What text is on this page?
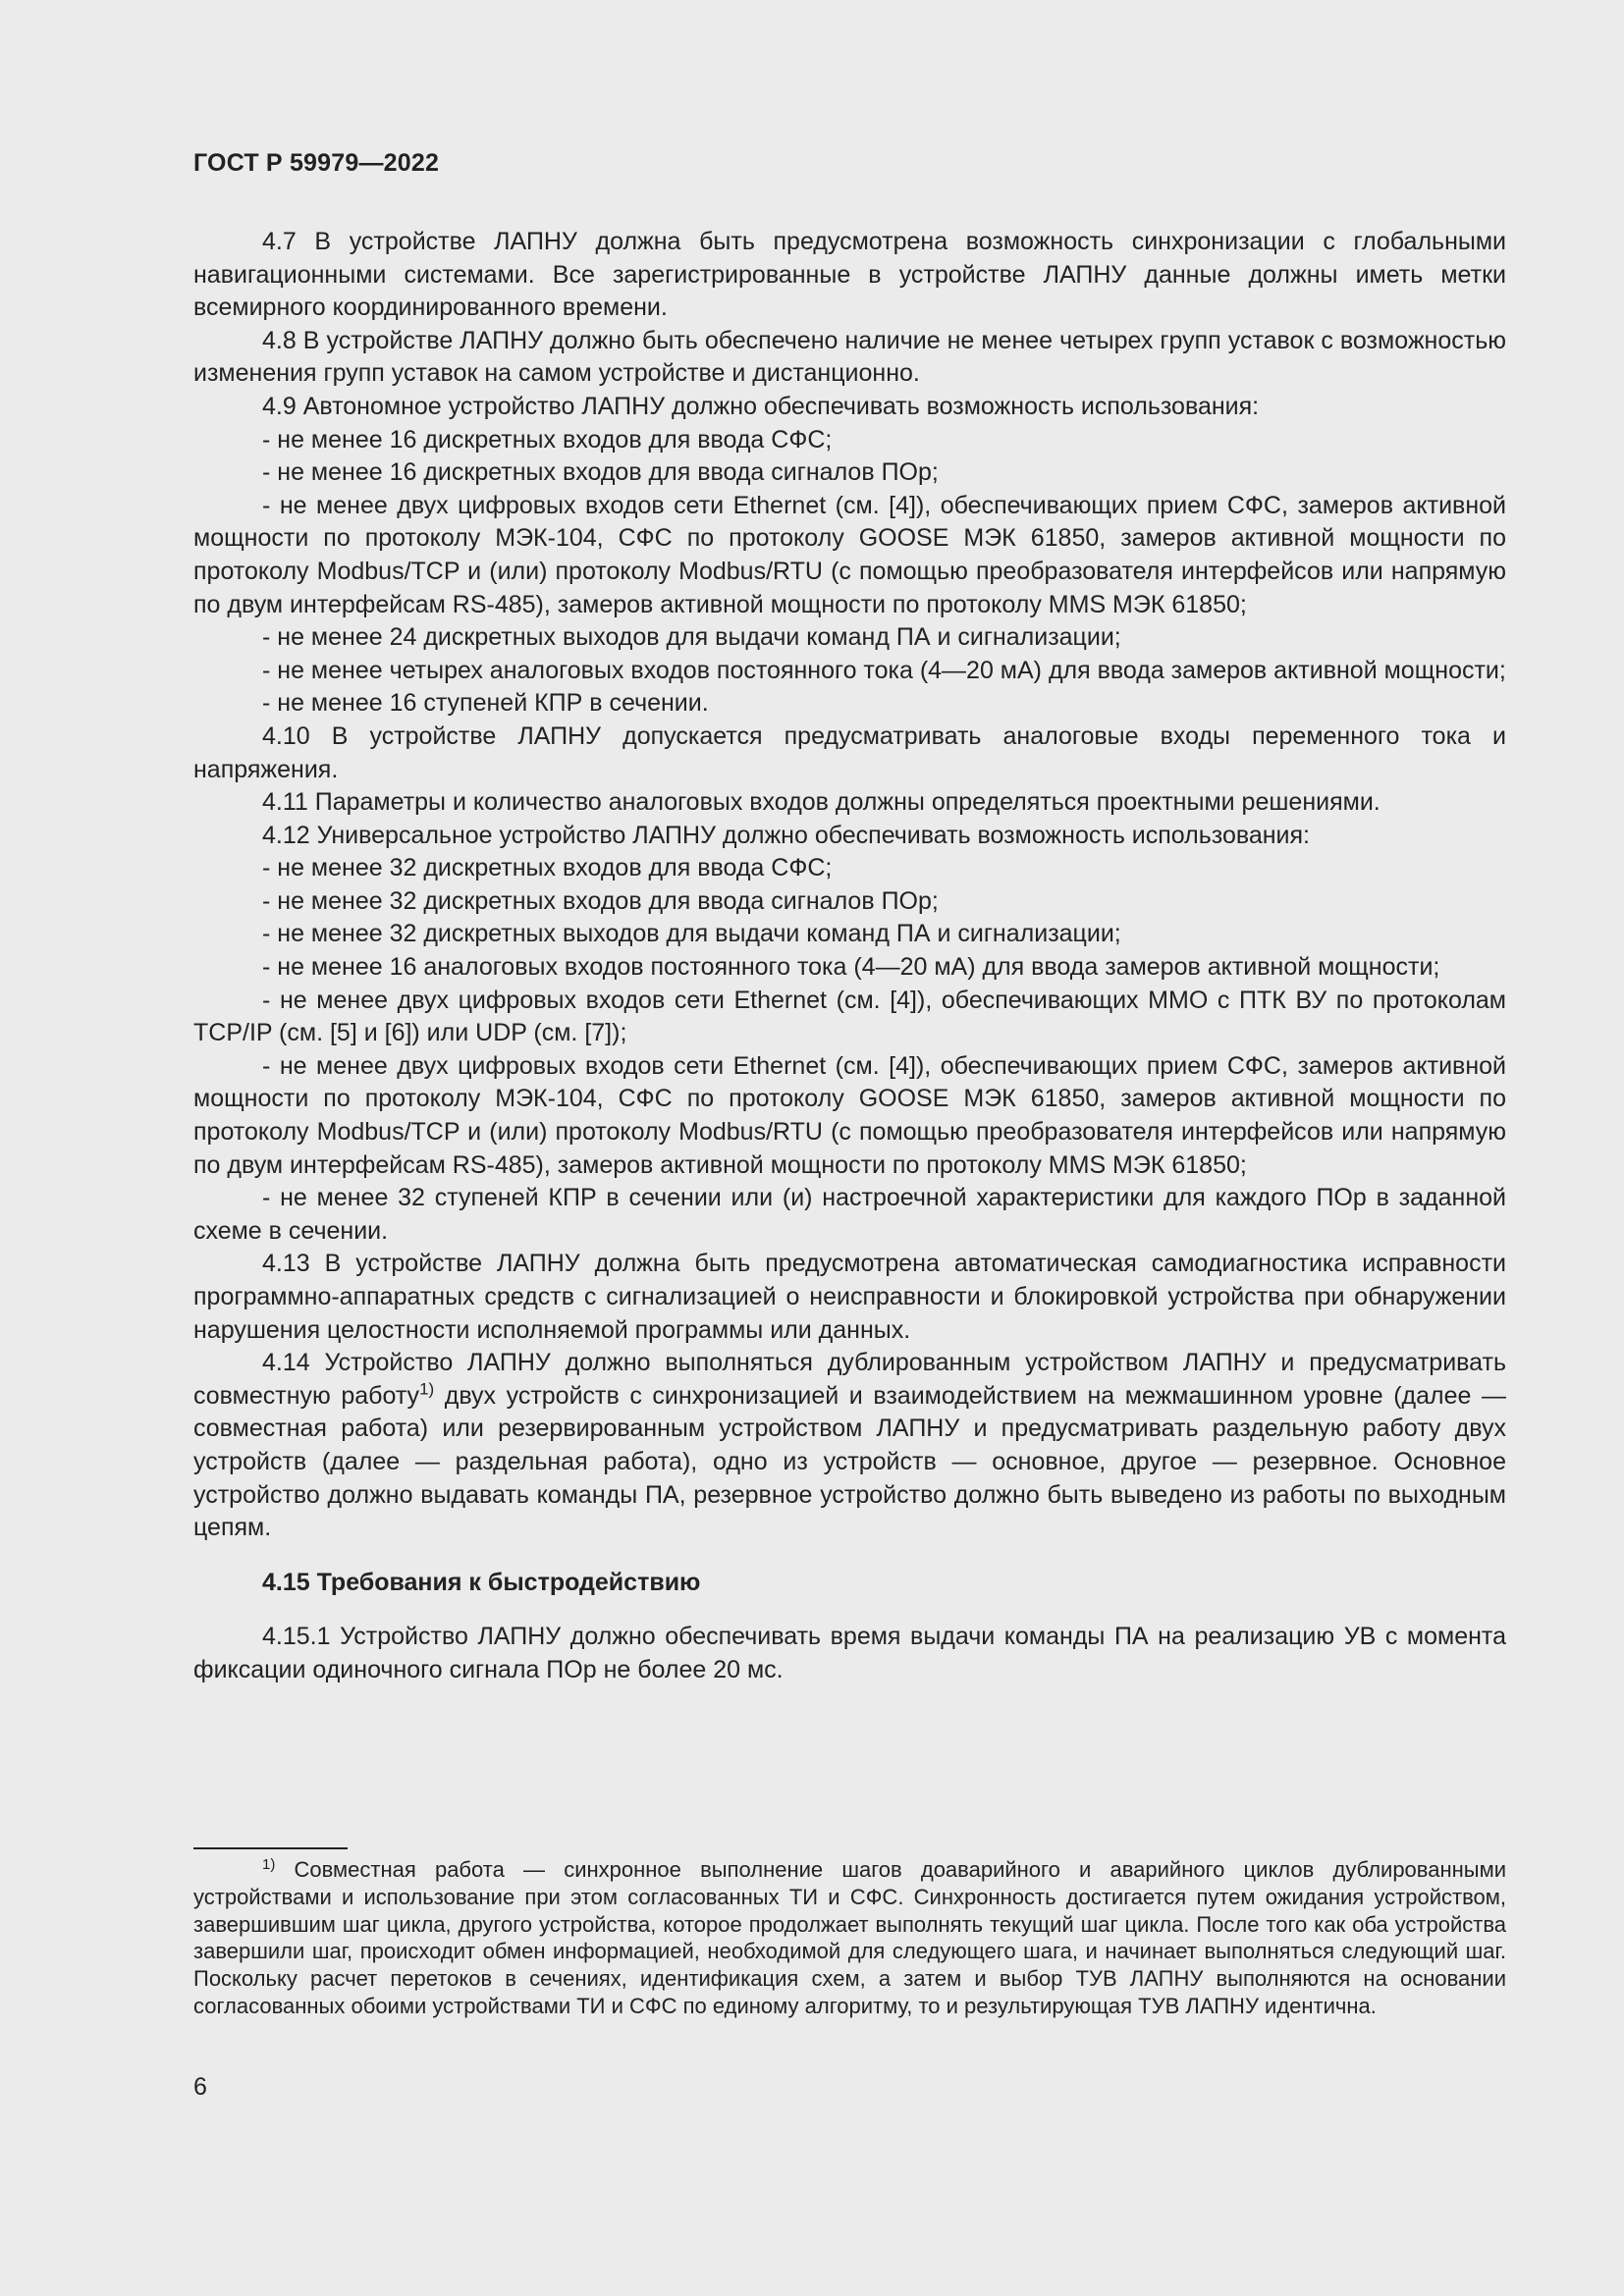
ГОСТ Р 59979—2022

4.7 В устройстве ЛАПНУ должна быть предусмотрена возможность синхронизации с глобальными навигационными системами. Все зарегистрированные в устройстве ЛАПНУ данные должны иметь метки всемирного координированного времени.

4.8 В устройстве ЛАПНУ должно быть обеспечено наличие не менее четырех групп уставок с возможностью изменения групп уставок на самом устройстве и дистанционно.

4.9 Автономное устройство ЛАПНУ должно обеспечивать возможность использования:

- не менее 16 дискретных входов для ввода СФС;

- не менее 16 дискретных входов для ввода сигналов ПОр;

- не менее двух цифровых входов сети Ethernet (см. [4]), обеспечивающих прием СФС, замеров активной мощности по протоколу МЭК-104, СФС по протоколу GOOSE МЭК 61850, замеров активной мощности по протоколу Modbus/TCP и (или) протоколу Modbus/RTU (с помощью преобразователя интерфейсов или напрямую по двум интерфейсам RS-485), замеров активной мощности по протоколу MMS МЭК 61850;

- не менее 24 дискретных выходов для выдачи команд ПА и сигнализации;

- не менее четырех аналоговых входов постоянного тока (4—20 мА) для ввода замеров активной мощности;

- не менее 16 ступеней КПР в сечении.

4.10 В устройстве ЛАПНУ допускается предусматривать аналоговые входы переменного тока и напряжения.

4.11 Параметры и количество аналоговых входов должны определяться проектными решениями.

4.12 Универсальное устройство ЛАПНУ должно обеспечивать возможность использования:

- не менее 32 дискретных входов для ввода СФС;

- не менее 32 дискретных входов для ввода сигналов ПОр;

- не менее 32 дискретных выходов для выдачи команд ПА и сигнализации;

- не менее 16 аналоговых входов постоянного тока (4—20 мА) для ввода замеров активной мощности;

- не менее двух цифровых входов сети Ethernet (см. [4]), обеспечивающих ММО с ПТК ВУ по протоколам TCP/IP (см. [5] и [6]) или UDP (см. [7]);

- не менее двух цифровых входов сети Ethernet (см. [4]), обеспечивающих прием СФС, замеров активной мощности по протоколу МЭК-104, СФС по протоколу GOOSE МЭК 61850, замеров активной мощности по протоколу Modbus/TCP и (или) протоколу Modbus/RTU (с помощью преобразователя интерфейсов или напрямую по двум интерфейсам RS-485), замеров активной мощности по протоколу MMS МЭК 61850;

- не менее 32 ступеней КПР в сечении или (и) настроечной характеристики для каждого ПОр в заданной схеме в сечении.

4.13 В устройстве ЛАПНУ должна быть предусмотрена автоматическая самодиагностика исправности программно-аппаратных средств с сигнализацией о неисправности и блокировкой устройства при обнаружении нарушения целостности исполняемой программы или данных.

4.14 Устройство ЛАПНУ должно выполняться дублированным устройством ЛАПНУ и предусматривать совместную работу$^{1)}$ двух устройств с синхронизацией и взаимодействием на межмашинном уровне (далее — совместная работа) или резервированным устройством ЛАПНУ и предусматривать раздельную работу двух устройств (далее — раздельная работа), одно из устройств — основное, другое — резервное. Основное устройство должно выдавать команды ПА, резервное устройство должно быть выведено из работы по выходным цепям.

4.15 Требования к быстродействию

4.15.1 Устройство ЛАПНУ должно обеспечивать время выдачи команды ПА на реализацию УВ с момента фиксации одиночного сигнала ПОр не более 20 мс.

$^{1)}$ Совместная работа — синхронное выполнение шагов доаварийного и аварийного циклов дублированными устройствами и использование при этом согласованных ТИ и СФС. Синхронность достигается путем ожидания устройством, завершившим шаг цикла, другого устройства, которое продолжает выполнять текущий шаг цикла. После того как оба устройства завершили шаг, происходит обмен информацией, необходимой для следующего шага, и начинает выполняться следующий шаг. Поскольку расчет перетоков в сечениях, идентификация схем, а затем и выбор ТУВ ЛАПНУ выполняются на основании согласованных обоими устройствами ТИ и СФС по единому алгоритму, то и результирующая ТУВ ЛАПНУ идентична.
6
